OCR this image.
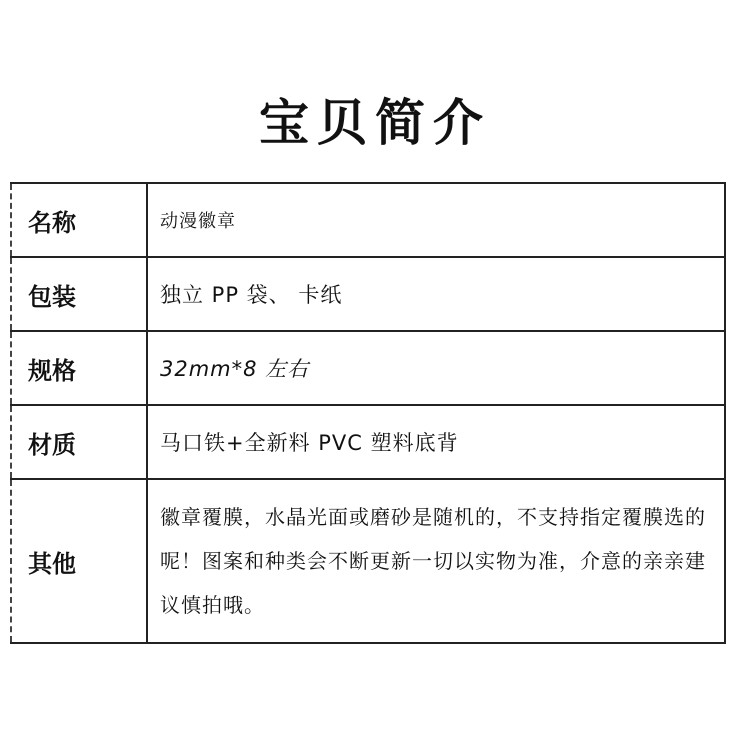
宝贝简介
名称	动漫徽章
包装	独立 PP 袋、 卡纸
规格	32mm*8 左右
材质	马口铁+全新料 PVC 塑料底背
其他	徽章覆膜，水晶光面或磨砂是随机的，不支持指定覆膜选的呢！图案和种类会不断更新一切以实物为准，介意的亲亲建议慎拍哦。
